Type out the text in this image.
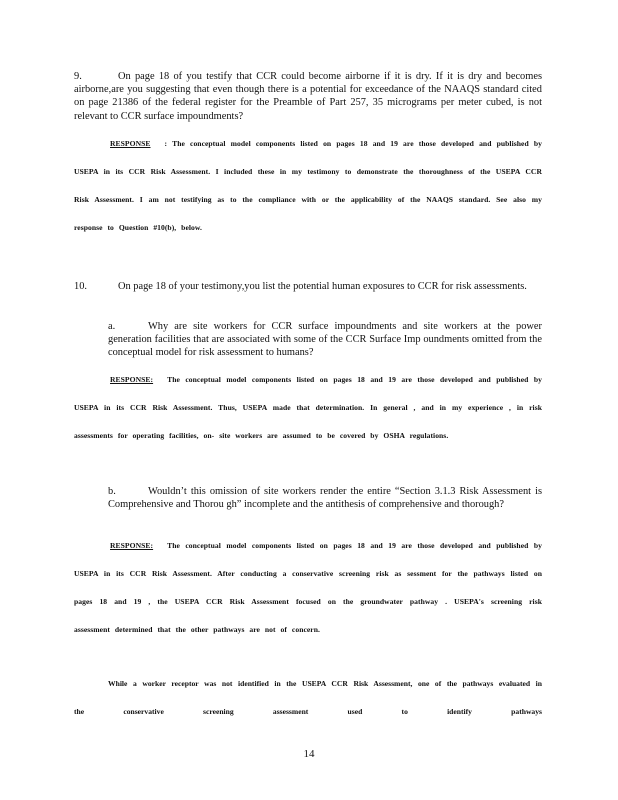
9.	On page 18 of you testify that CCR could become airborne if it is dry. If it is dry and becomes airborne,are you suggesting that even though there is a potential for exceedance of the NAAQS standard cited on page 21386 of the federal register for the Preamble of Part 257, 35 micrograms per meter cubed, is not relevant to CCR surface impoundments?

RESPONSE : The conceptual model components listed on pages 18 and 19 are those developed and published by USEPA in its CCR Risk Assessment. I included these in my testimony to demonstrate the thoroughness of the USEPA CCR Risk Assessment. I am not testifying as to the compliance with or the applicability of the NAAQS standard. See also my response to Question #10(b), below.

10.	On page 18 of your testimony,you list the potential human exposures to CCR for risk assessments.

a.	Why are site workers for CCR surface impoundments and site workers at the power generation facilities that are associated with some of the CCR Surface Imp oundments omitted from the conceptual model for risk assessment to humans?

RESPONSE: The conceptual model components listed on pages 18 and 19 are those developed and published by USEPA in its CCR Risk Assessment. Thus, USEPA made that determination. In general , and in my experience , in risk assessments for operating facilities, on- site workers are assumed to be covered by OSHA regulations.

b.	Wouldn’t this omission of site workers render the entire “Section 3.1.3 Risk Assessment is Comprehensive and Thorou gh” incomplete and the antithesis of comprehensive and thorough?

RESPONSE: The conceptual model components listed on pages 18 and 19 are those developed and published by USEPA in its CCR Risk Assessment. After conducting a conservative screening risk as sessment for the pathways listed on pages 18 and 19 , the USEPA CCR Risk Assessment focused on the groundwater pathway . USEPA's screening risk assessment determined that the other pathways are not of concern.

While a worker receptor was not identified in the USEPA CCR Risk Assessment, one of the pathways evaluated in the conservative screening assessment used to identify pathways

14
